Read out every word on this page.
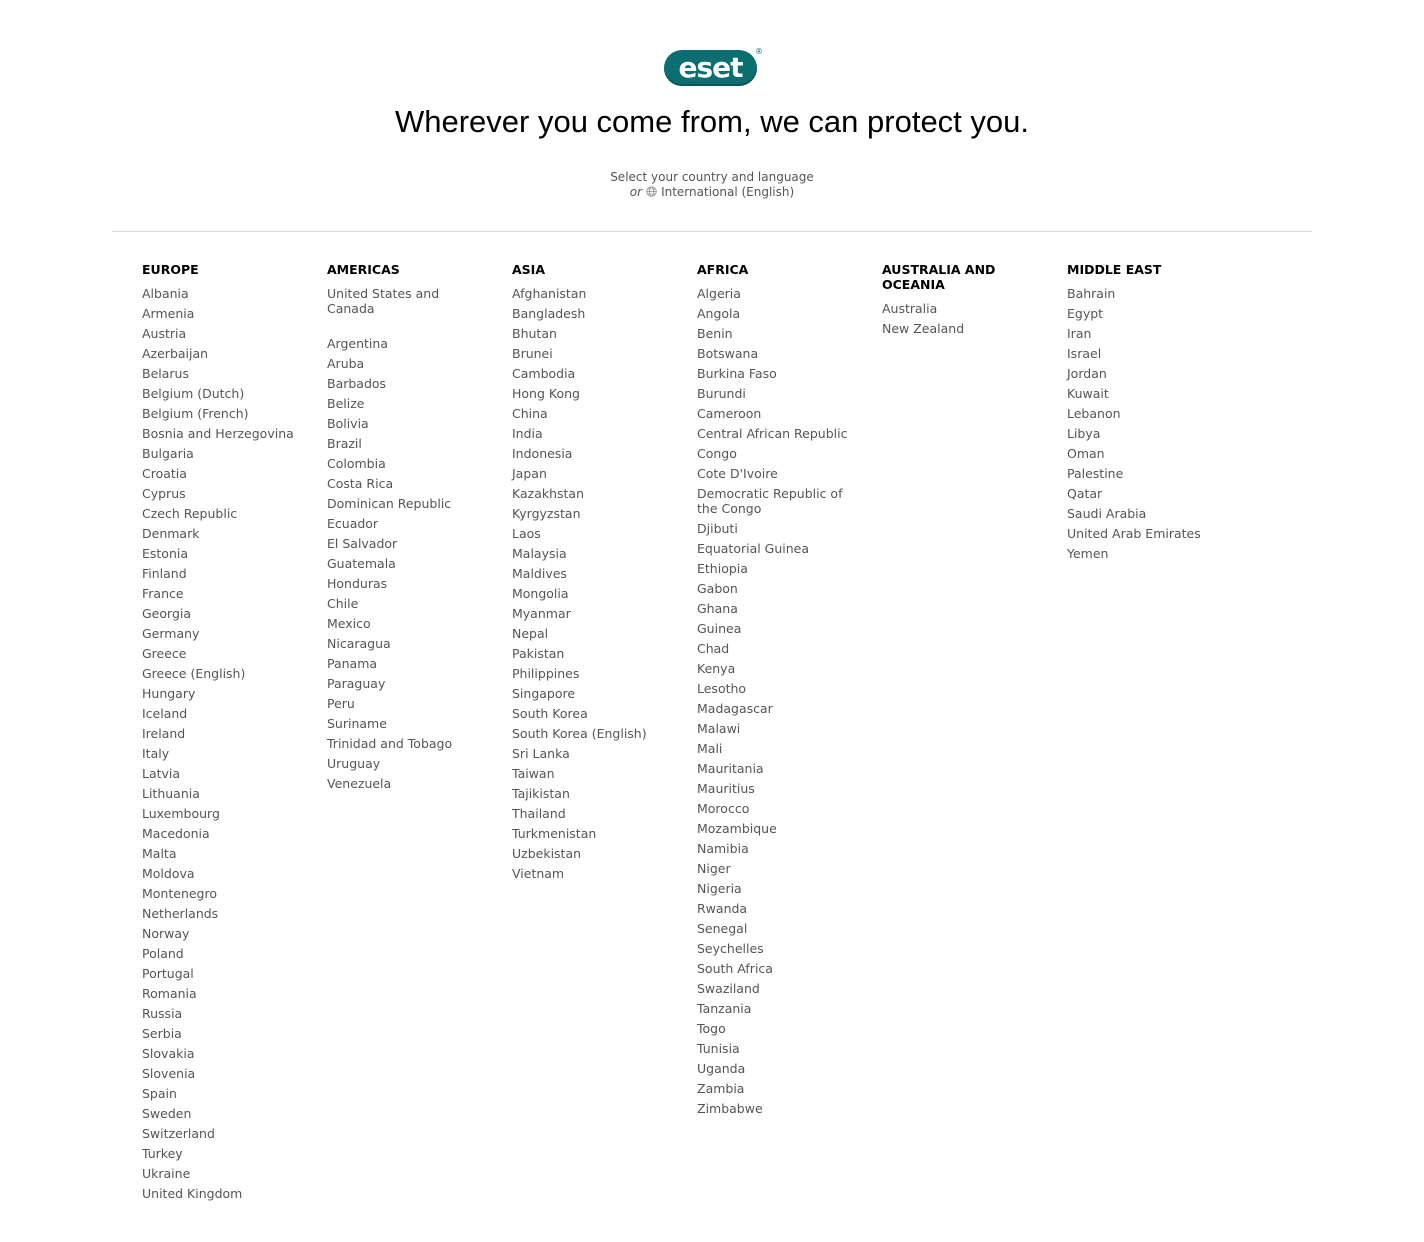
eset	®
Wherever you come from, we can protect you.
Select your country and language
or International (English)
EUROPE
Albania
Armenia
Austria
Azerbaijan
Belarus
Belgium (Dutch)
Belgium (French)
Bosnia and Herzegovina
Bulgaria
Croatia
Cyprus
Czech Republic
Denmark
Estonia
Finland
France
Georgia
Germany
Greece
Greece (English)
Hungary
Iceland
Ireland
Italy
Latvia
Lithuania
Luxembourg
Macedonia
Malta
Moldova
Montenegro
Netherlands
Norway
Poland
Portugal
Romania
Russia
Serbia
Slovakia
Slovenia
Spain
Sweden
Switzerland
Turkey
Ukraine
United Kingdom
AMERICAS
United States and Canada
Argentina
Aruba
Barbados
Belize
Bolivia
Brazil
Colombia
Costa Rica
Dominican Republic
Ecuador
El Salvador
Guatemala
Honduras
Chile
Mexico
Nicaragua
Panama
Paraguay
Peru
Suriname
Trinidad and Tobago
Uruguay
Venezuela
ASIA
Afghanistan
Bangladesh
Bhutan
Brunei
Cambodia
Hong Kong
China
India
Indonesia
Japan
Kazakhstan
Kyrgyzstan
Laos
Malaysia
Maldives
Mongolia
Myanmar
Nepal
Pakistan
Philippines
Singapore
South Korea
South Korea (English)
Sri Lanka
Taiwan
Tajikistan
Thailand
Turkmenistan
Uzbekistan
Vietnam
AFRICA
Algeria
Angola
Benin
Botswana
Burkina Faso
Burundi
Cameroon
Central African Republic
Congo
Cote D'Ivoire
Democratic Republic of the Congo
Djibuti
Equatorial Guinea
Ethiopia
Gabon
Ghana
Guinea
Chad
Kenya
Lesotho
Madagascar
Malawi
Mali
Mauritania
Mauritius
Morocco
Mozambique
Namibia
Niger
Nigeria
Rwanda
Senegal
Seychelles
South Africa
Swaziland
Tanzania
Togo
Tunisia
Uganda
Zambia
Zimbabwe
AUSTRALIA AND OCEANIA
Australia
New Zealand
MIDDLE EAST
Bahrain
Egypt
Iran
Israel
Jordan
Kuwait
Lebanon
Libya
Oman
Palestine
Qatar
Saudi Arabia
United Arab Emirates
Yemen
